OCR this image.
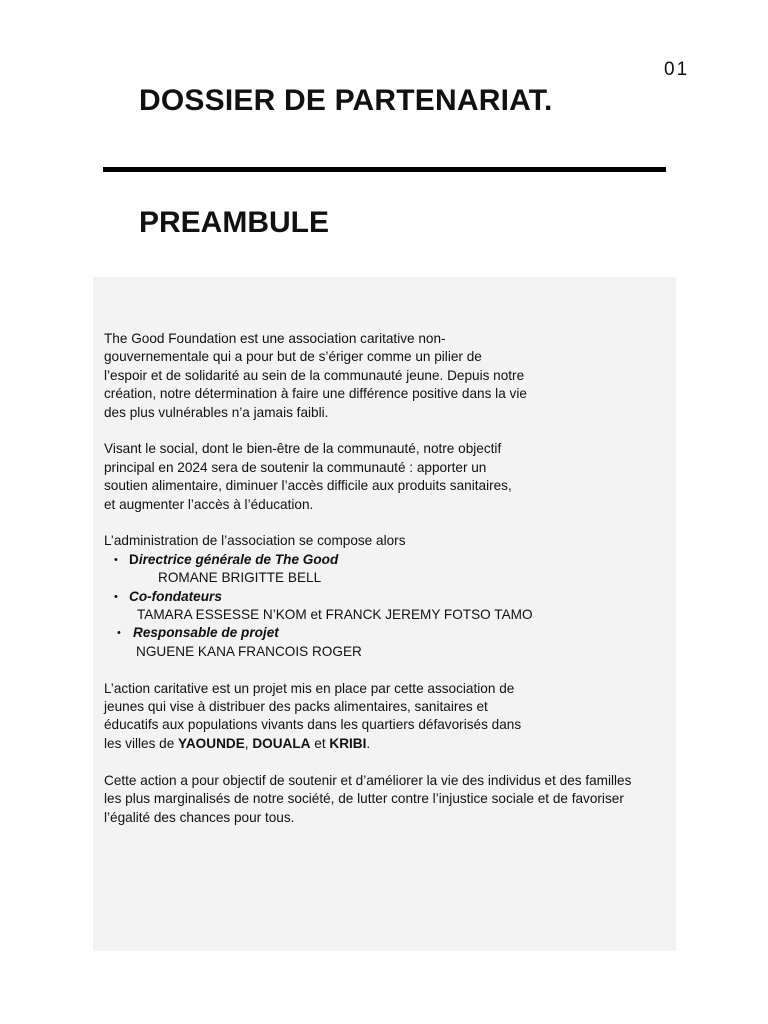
01
DOSSIER DE PARTENARIAT.
PREAMBULE

The Good Foundation est une association caritative non-
gouvernementale qui a pour but de s’ériger comme un pilier de
l’espoir et de solidarité au sein de la communauté jeune. Depuis notre
création, notre détermination à faire une différence positive dans la vie
des plus vulnérables n’a jamais faibli.

Visant le social, dont le bien-être de la communauté, notre objectif
principal en 2024 sera de soutenir la communauté : apporter un
soutien alimentaire, diminuer l’accès difficile aux produits sanitaires,
et augmenter l’accès à l’éducation.

L’administration de l’association se compose alors
• Directrice générale de The Good
ROMANE BRIGITTE BELL
• Co-fondateurs
TAMARA ESSESSE N’KOM et FRANCK JEREMY FOTSO TAMO
• Responsable de projet
NGUENE KANA FRANCOIS ROGER

L’action caritative est un projet mis en place par cette association de
jeunes qui vise à distribuer des packs alimentaires, sanitaires et
éducatifs aux populations vivants dans les quartiers défavorisés dans
les villes de YAOUNDE, DOUALA et KRIBI.

Cette action a pour objectif de soutenir et d’améliorer la vie des individus et des familles
les plus marginalisés de notre société, de lutter contre l’injustice sociale et de favoriser
l’égalité des chances pour tous.
